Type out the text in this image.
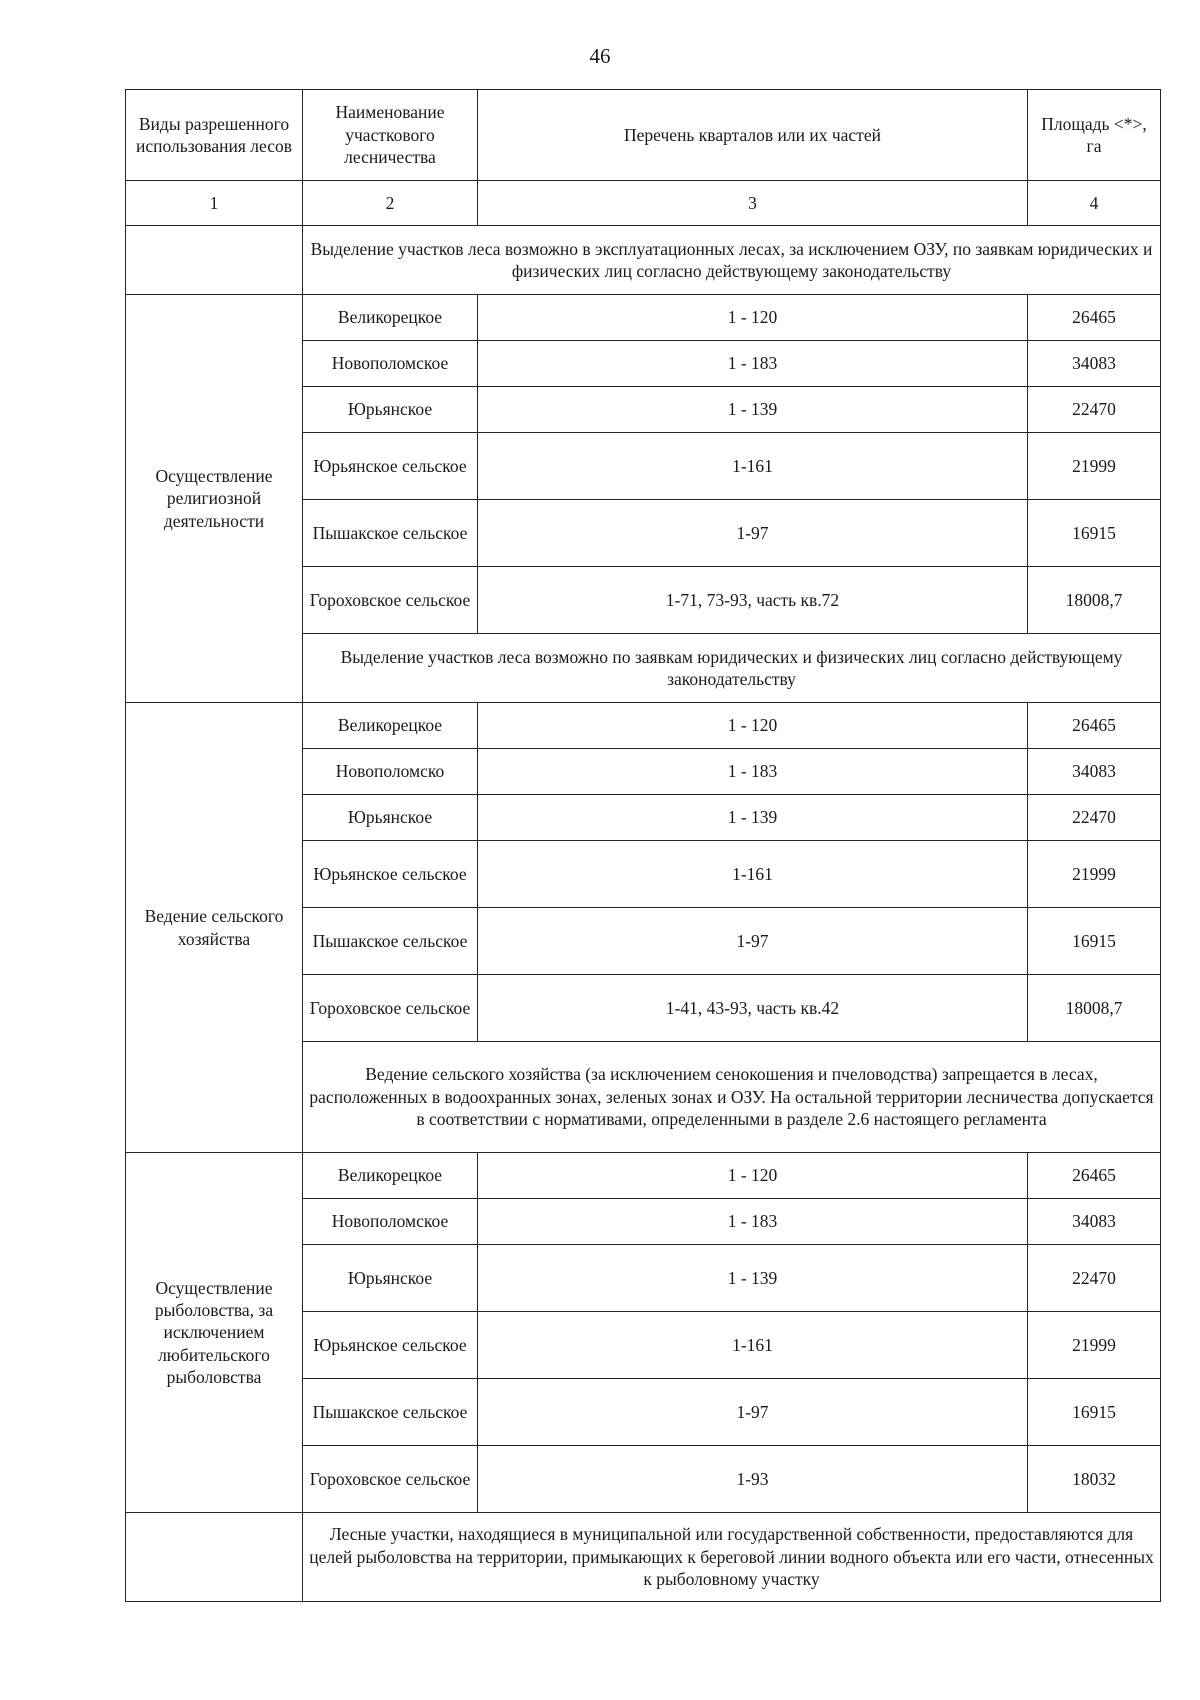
46
Виды разрешенного использования лесов	Наименование участкового лесничества	Перечень кварталов или их частей	Площадь <*>, га
1	2	3	4
	Выделение участков леса возможно в эксплуатационных лесах, за исключением ОЗУ, по заявкам юридических и физических лиц согласно действующему законодательству		
Осуществление религиозной деятельности	Великорецкое	1 - 120	26465
	Новополомское	1 - 183	34083
	Юрьянское	1 - 139	22470
	Юрьянское сельское	1-161	21999
	Пышакское сельское	1-97	16915
	Гороховское сельское	1-71, 73-93, часть кв.72	18008,7
	Выделение участков леса возможно по заявкам юридических и физических лиц согласно действующему законодательству		
Ведение сельского хозяйства	Великорецкое	1 - 120	26465
	Новополомско	1 - 183	34083
	Юрьянское	1 - 139	22470
	Юрьянское сельское	1-161	21999
	Пышакское сельское	1-97	16915
	Гороховское сельское	1-41, 43-93, часть кв.42	18008,7
	Ведение сельского хозяйства (за исключением сенокошения и пчеловодства) запрещается в лесах, расположенных в водоохранных зонах, зеленых зонах и ОЗУ. На остальной территории лесничества допускается в соответствии с нормативами, определенными в разделе 2.6 настоящего регламента		
Осуществление рыболовства, за исключением любительского рыболовства	Великорецкое	1 - 120	26465
	Новополомское	1 - 183	34083
	Юрьянское	1 - 139	22470
	Юрьянское сельское	1-161	21999
	Пышакское сельское	1-97	16915
	Гороховское сельское	1-93	18032
	Лесные участки, находящиеся в муниципальной или государственной собственности, предоставляются для целей рыболовства на территории, примыкающих к береговой линии водного объекта или его части, отнесенных к рыболовному участку		
